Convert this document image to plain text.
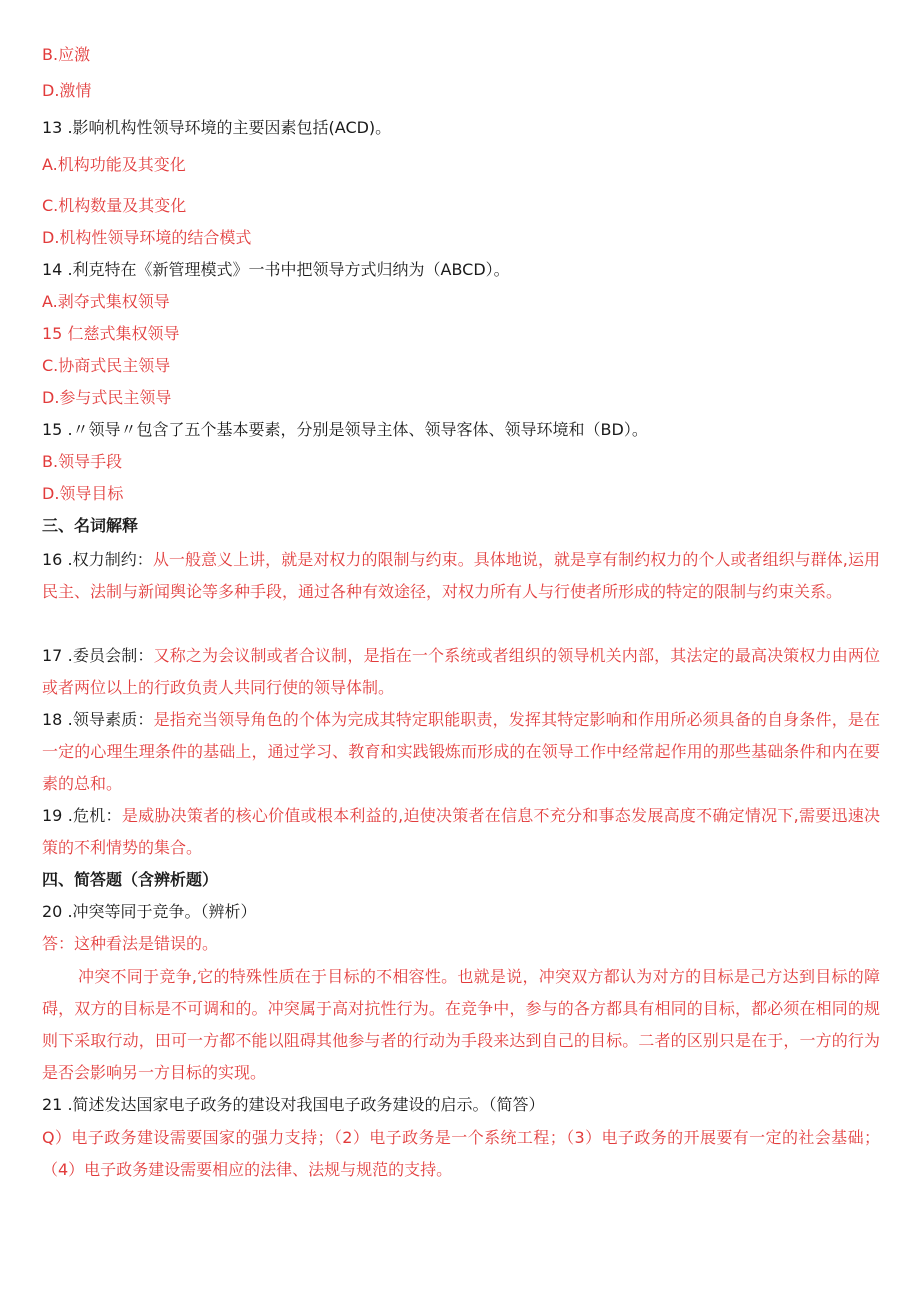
B.应激
D.激情
13 .影响机构性领导环境的主要因素包括(ACD)。
A.机构功能及其变化
C.机构数量及其变化
D.机构性领导环境的结合模式
14 .利克特在《新管理模式》一书中把领导方式归纳为（ABCD）。
A.剥夺式集权领导
15 仁慈式集权领导
C.协商式民主领导
D.参与式民主领导
15 .〃领导〃包含了五个基本要素，分别是领导主体、领导客体、领导环境和（BD）。
B.领导手段
D.领导目标
三、名词解释
16 .权力制约：从一般意义上讲，就是对权力的限制与约束。具体地说，就是享有制约权力的个人或者组织与群体,运用民主、法制与新闻舆论等多种手段，通过各种有效途径，对权力所有人与行使者所形成的特定的限制与约束关系。
17 .委员会制：又称之为会议制或者合议制，是指在一个系统或者组织的领导机关内部，其法定的最高决策权力由两位或者两位以上的行政负责人共同行使的领导体制。
18 .领导素质：是指充当领导角色的个体为完成其特定职能职责，发挥其特定影响和作用所必须具备的自身条件，是在一定的心理生理条件的基础上，通过学习、教育和实践锻炼而形成的在领导工作中经常起作用的那些基础条件和内在要素的总和。
19 .危机：是威胁决策者的核心价值或根本利益的,迫使决策者在信息不充分和事态发展高度不确定情况下,需要迅速决策的不利情势的集合。
四、简答题（含辨析题）
20 .冲突等同于竞争。（辨析）
答：这种看法是错误的。
冲突不同于竞争,它的特殊性质在于目标的不相容性。也就是说，冲突双方都认为对方的目标是己方达到目标的障碍，双方的目标是不可调和的。冲突属于高对抗性行为。在竞争中，参与的各方都具有相同的目标，都必须在相同的规则下采取行动，田可一方都不能以阻碍其他参与者的行动为手段来达到自己的目标。二者的区别只是在于，一方的行为是否会影响另一方目标的实现。
21 .简述发达国家电子政务的建设对我国电子政务建设的启示。（简答）
Q）电子政务建设需要国家的强力支持；（2）电子政务是一个系统工程；（3）电子政务的开展要有一定的社会基础；（4）电子政务建设需要相应的法律、法规与规范的支持。
